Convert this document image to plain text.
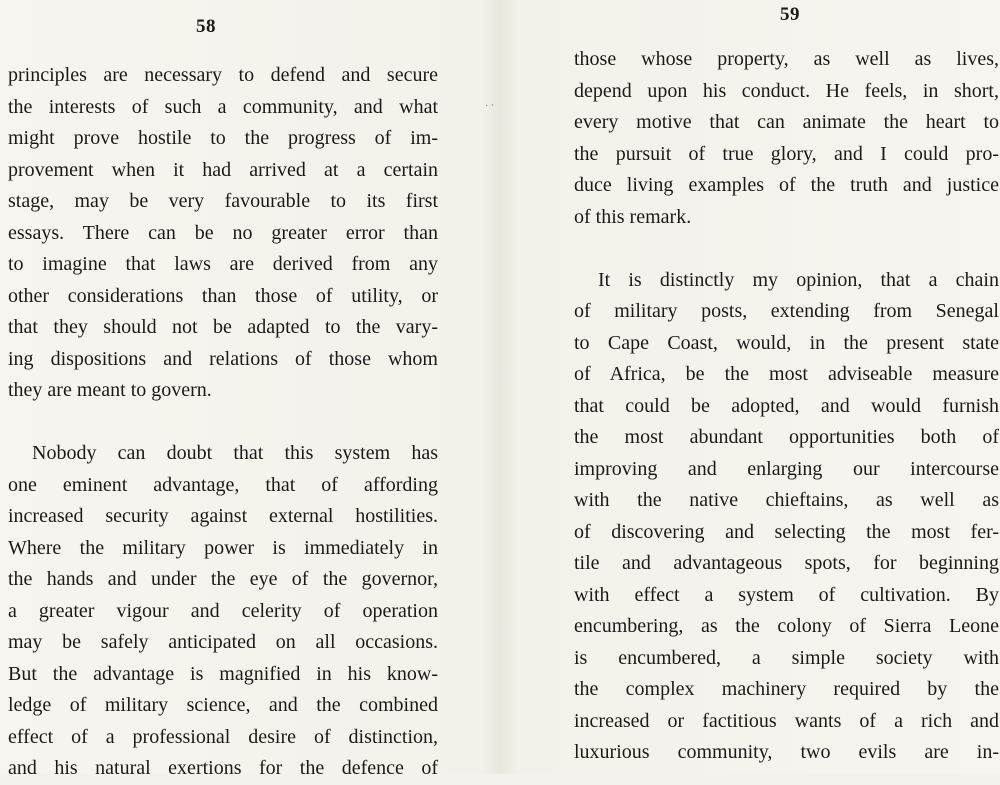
˙ ˋ
58
principles are necessary to defend and secure
the interests of such a community, and what
might prove hostile to the progress of im-
provement when it had arrived at a certain
stage, may be very favourable to its first
essays. There can be no greater error than
to imagine that laws are derived from any
other considerations than those of utility, or
that they should not be adapted to the vary-
ing dispositions and relations of those whom
they are meant to govern.
Nobody can doubt that this system has
one eminent advantage, that of affording
increased security against external hostilities.
Where the military power is immediately in
the hands and under the eye of the governor,
a greater vigour and celerity of operation
may be safely anticipated on all occasions.
But the advantage is magnified in his know-
ledge of military science, and the combined
effect of a professional desire of distinction,
and his natural exertions for the defence of
59
those whose property, as well as lives,
depend upon his conduct. He feels, in short,
every motive that can animate the heart to
the pursuit of true glory, and I could pro-
duce living examples of the truth and justice
of this remark.
It is distinctly my opinion, that a chain
of military posts, extending from Senegal
to Cape Coast, would, in the present state
of Africa, be the most adviseable measure
that could be adopted, and would furnish
the most abundant opportunities both of
improving and enlarging our intercourse
with the native chieftains, as well as
of discovering and selecting the most fer-
tile and advantageous spots, for beginning
with effect a system of cultivation. By
encumbering, as the colony of Sierra Leone
is encumbered, a simple society with
the complex machinery required by the
increased or factitious wants of a rich and
luxurious community, two evils are in-
